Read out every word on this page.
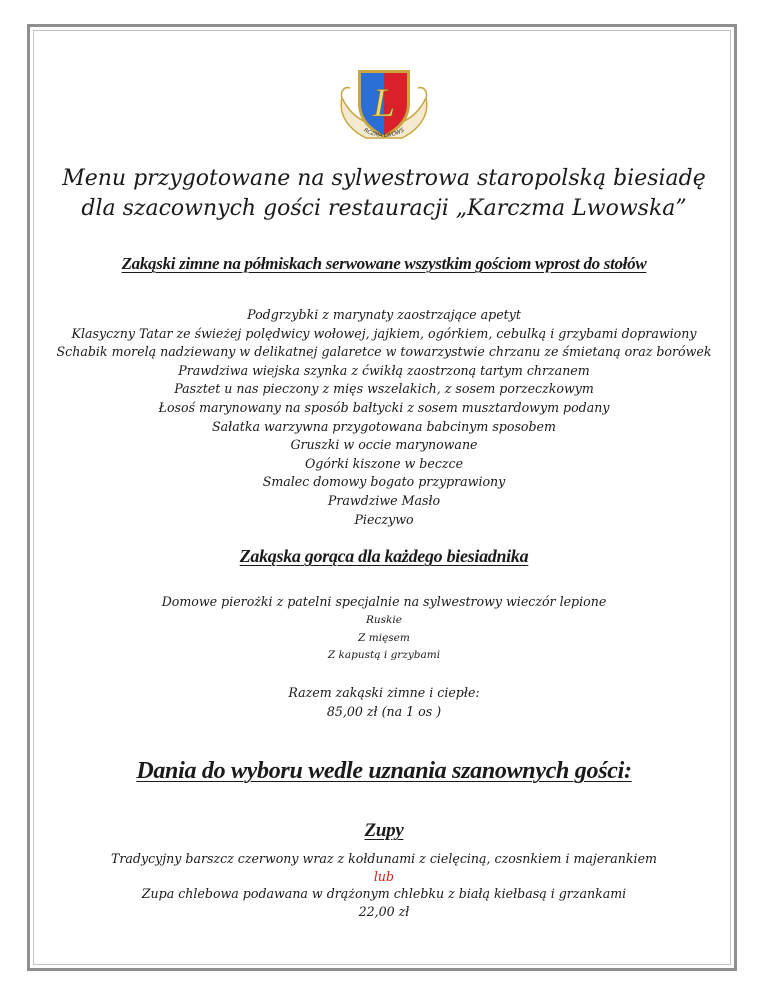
L
RCZMA LWOWS
Menu przygotowane na sylwestrowa staropolską biesiadę
dla szacownych gości restauracji „Karczma Lwowska”
Zakąski zimne na półmiskach serwowane wszystkim gościom wprost do stołów
Podgrzybki z marynaty zaostrzające apetyt
Klasyczny Tatar ze świeżej polędwicy wołowej, jajkiem, ogórkiem, cebulką i grzybami doprawiony
Schabik morelą nadziewany w delikatnej galaretce w towarzystwie chrzanu ze śmietaną oraz borówek
Prawdziwa wiejska szynka z ćwikłą zaostrzoną tartym chrzanem
Pasztet u nas pieczony z mięs wszelakich, z sosem porzeczkowym
Łosoś marynowany na sposób bałtycki z sosem musztardowym podany
Sałatka warzywna przygotowana babcinym sposobem
Gruszki w occie marynowane
Ogórki kiszone w beczce
Smalec domowy bogato przyprawiony
Prawdziwe Masło
Pieczywo
Zakąska gorąca dla każdego biesiadnika
Domowe pierożki z patelni specjalnie na sylwestrowy wieczór lepione
Ruskie
Z mięsem
Z kapustą i grzybami
Razem zakąski zimne i ciepłe:
85,00 zł (na 1 os )
Dania do wyboru wedle uznania szanownych gości:
Zupy
Tradycyjny barszcz czerwony wraz z kołdunami z cielęciną, czosnkiem i majerankiem
lub
Zupa chlebowa podawana w drążonym chlebku z białą kiełbasą i grzankami
22,00 zł
